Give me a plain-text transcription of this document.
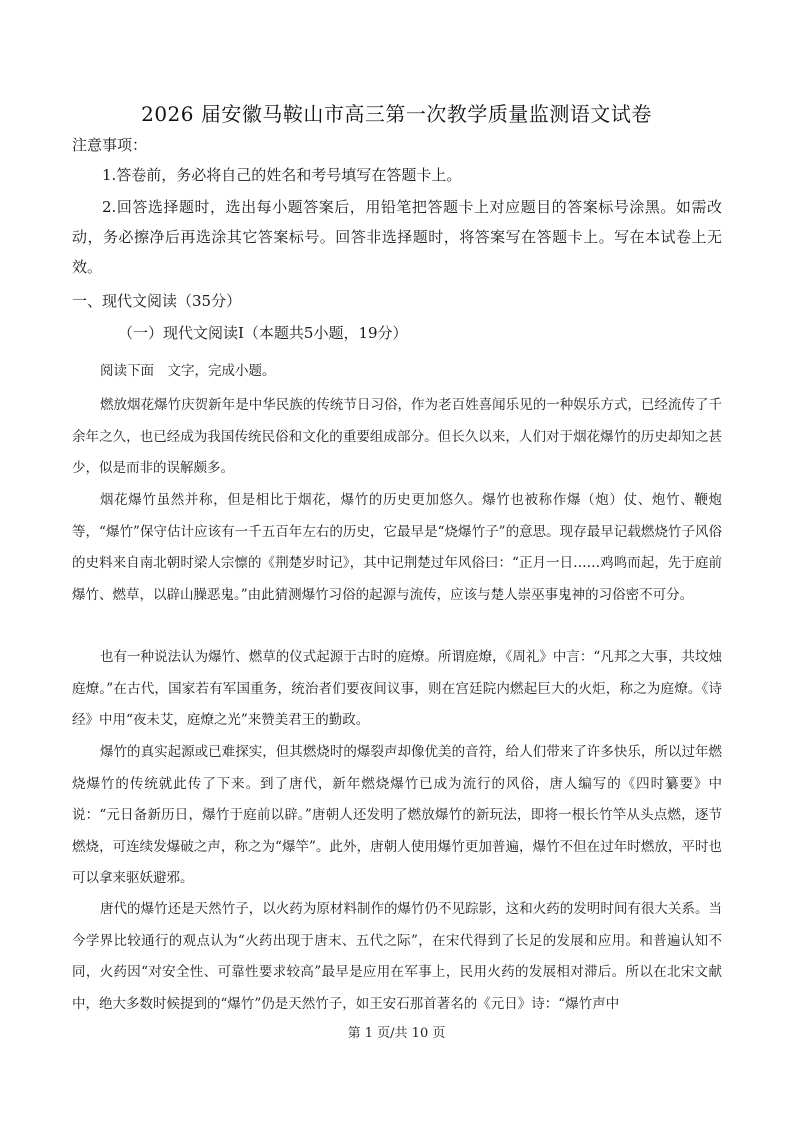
2026 届安徽马鞍山市高三第一次教学质量监测语文试卷
注意事项：

1.答卷前，务必将自己的姓名和考号填写在答题卡上。

2.回答选择题时，选出每小题答案后，用铅笔把答题卡上对应题目的答案标号涂黑。如需改动，务必擦净后再选涂其它答案标号。回答非选择题时，将答案写在答题卡上。写在本试卷上无效。

一、现代文阅读（35分）
（一）现代文阅读Ⅰ（本题共5小题，19分）

阅读下面　文字，完成小题。

燃放烟花爆竹庆贺新年是中华民族的传统节日习俗，作为老百姓喜闻乐见的一种娱乐方式，已经流传了千余年之久，也已经成为我国传统民俗和文化的重要组成部分。但长久以来，人们对于烟花爆竹的历史却知之甚少，似是而非的误解颇多。

烟花爆竹虽然并称，但是相比于烟花，爆竹的历史更加悠久。爆竹也被称作爆（炮）仗、炮竹、鞭炮等，“爆竹”保守估计应该有一千五百年左右的历史，它最早是“烧爆竹子”的意思。现存最早记载燃烧竹子风俗的史料来自南北朝时梁人宗懔的《荆楚岁时记》，其中记荆楚过年风俗曰：“正月一日……鸡鸣而起，先于庭前爆竹、燃草，以辟山臊恶鬼。”由此猜测爆竹习俗的起源与流传，应该与楚人崇巫事鬼神的习俗密不可分。

也有一种说法认为爆竹、燃草的仪式起源于古时的庭燎。所谓庭燎，《周礼》中言：“凡邦之大事，共坟烛庭燎。”在古代，国家若有军国重务，统治者们要夜间议事，则在宫廷院内燃起巨大的火炬，称之为庭燎。《诗经》中用“夜未艾，庭燎之光”来赞美君王的勤政。

爆竹的真实起源或已难探实，但其燃烧时的爆裂声却像优美的音符，给人们带来了许多快乐，所以过年燃烧爆竹的传统就此传了下来。到了唐代，新年燃烧爆竹已成为流行的风俗，唐人编写的《四时纂要》中说：“元日备新历日，爆竹于庭前以辟。”唐朝人还发明了燃放爆竹的新玩法，即将一根长竹竿从头点燃，逐节燃烧，可连续发爆破之声，称之为“爆竿”。此外，唐朝人使用爆竹更加普遍，爆竹不但在过年时燃放，平时也可以拿来驱妖避邪。

唐代的爆竹还是天然竹子，以火药为原材料制作的爆竹仍不见踪影，这和火药的发明时间有很大关系。当今学界比较通行的观点认为“火药出现于唐末、五代之际”，在宋代得到了长足的发展和应用。和普遍认知不同，火药因“对安全性、可靠性要求较高”最早是应用在军事上，民用火药的发展相对滞后。所以在北宋文献中，绝大多数时候提到的“爆竹”仍是天然竹子，如王安石那首著名的《元日》诗：“爆竹声中

第 1 页/共 10 页
